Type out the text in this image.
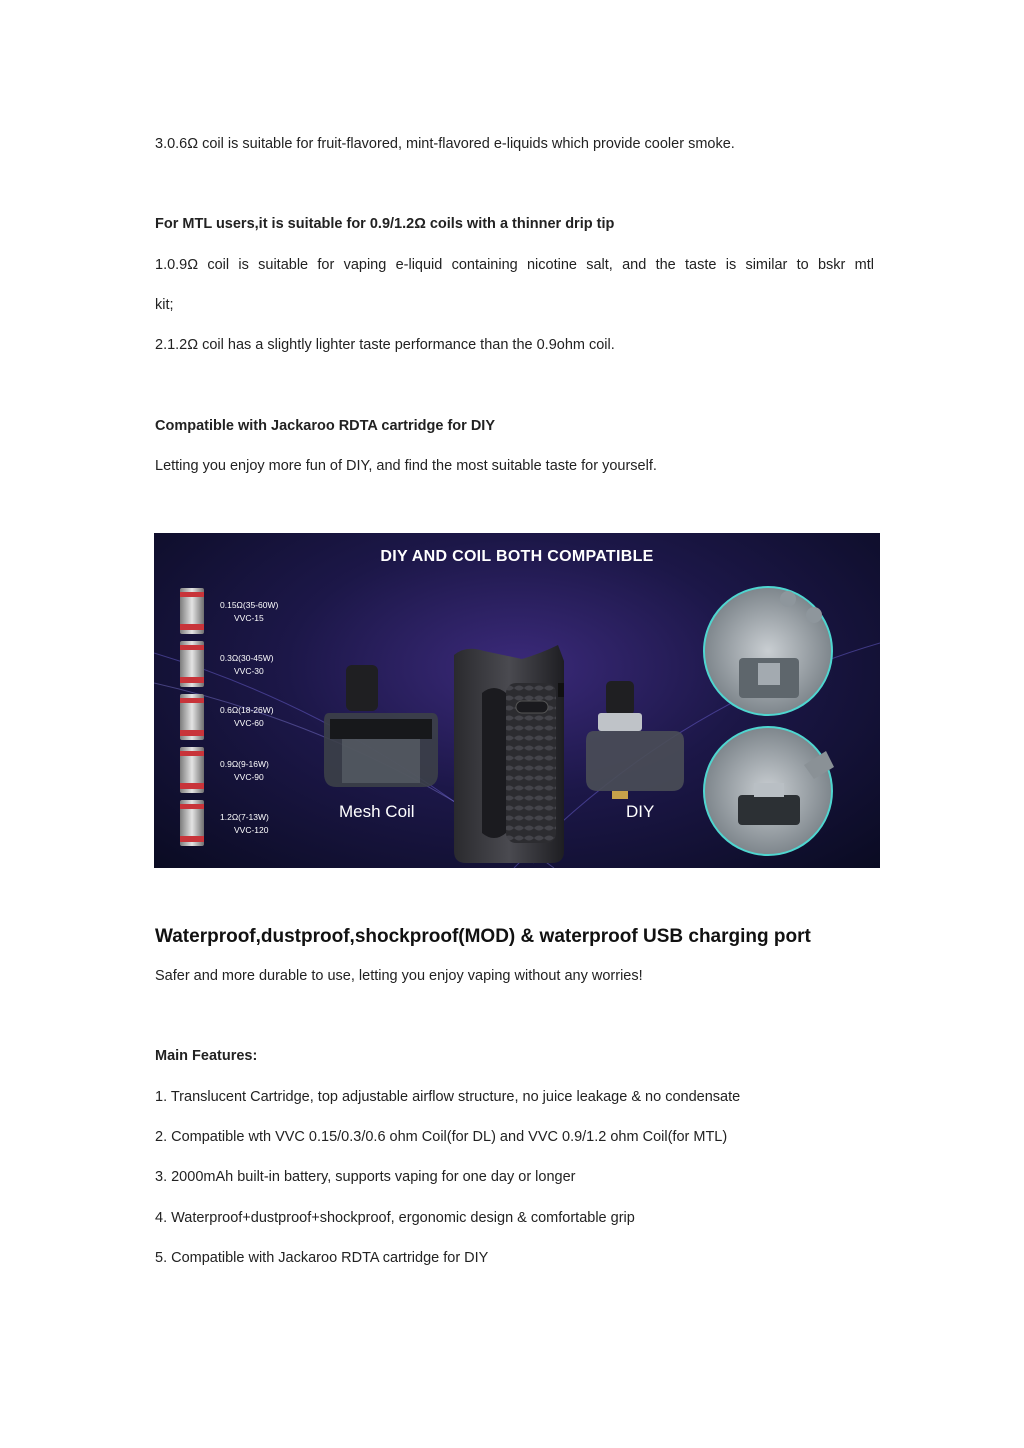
3.0.6Ω coil is suitable for fruit-flavored, mint-flavored e-liquids which provide cooler smoke.

For MTL users,it is suitable for 0.9/1.2Ω coils with a thinner drip tip

1.0.9Ω coil is suitable for vaping e-liquid containing nicotine salt, and the taste is similar to bskr mtl

kit;

2.1.2Ω coil has a slightly lighter taste performance than the 0.9ohm coil.

Compatible with Jackaroo RDTA cartridge for DIY

Letting you enjoy more fun of DIY, and find the most suitable taste for yourself.

DIY AND COIL BOTH COMPATIBLE
0.15Ω(35-60W)
VVC-15
0.3Ω(30-45W)
VVC-30
0.6Ω(18-26W)
VVC-60
0.9Ω(9-16W)
VVC-90
1.2Ω(7-13W)
VVC-120
Mesh Coil	DIY
Waterproof,dustproof,shockproof(MOD) & waterproof USB charging port

Safer and more durable to use, letting you enjoy vaping without any worries!

Main Features:

1. Translucent Cartridge, top adjustable airflow structure, no juice leakage & no condensate

2. Compatible wth VVC 0.15/0.3/0.6 ohm Coil(for DL) and VVC 0.9/1.2 ohm Coil(for MTL)

3. 2000mAh built-in battery, supports vaping for one day or longer

4. Waterproof+dustproof+shockproof, ergonomic design & comfortable grip

5. Compatible with Jackaroo RDTA cartridge for DIY
